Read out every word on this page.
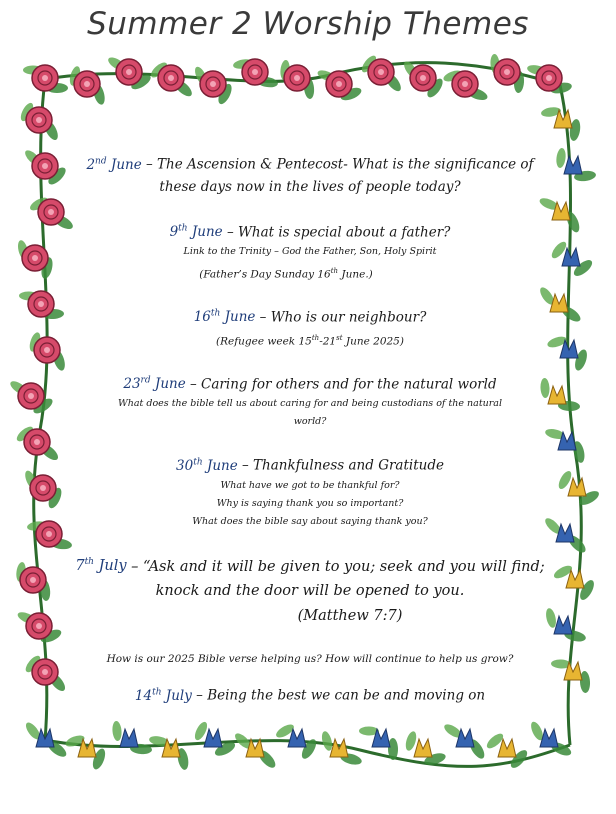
Summer 2 Worship Themes

2nd June – The Ascension & Pentecost- What is the significance of these days now in the lives of people today?

9th June – What is special about a father?

Link to the Trinity – God the Father, Son, Holy Spirit

(Father’s Day Sunday 16th June.)

16th June – Who is our neighbour?

(Refugee week 15th-21st June 2025)

23rd June – Caring for others and for the natural world

What does the bible tell us about caring for and being custodians of the natural world?

30th June – Thankfulness and Gratitude

What have we got to be thankful for?

Why is saying thank you so important?

What does the bible say about saying thank you?

7th July – “Ask and it will be given to you; seek and you will find; knock and the door will be opened to you.

(Matthew 7:7)

How is our 2025 Bible verse helping us? How will continue to help us grow?

14th July – Being the best we can be and moving on
